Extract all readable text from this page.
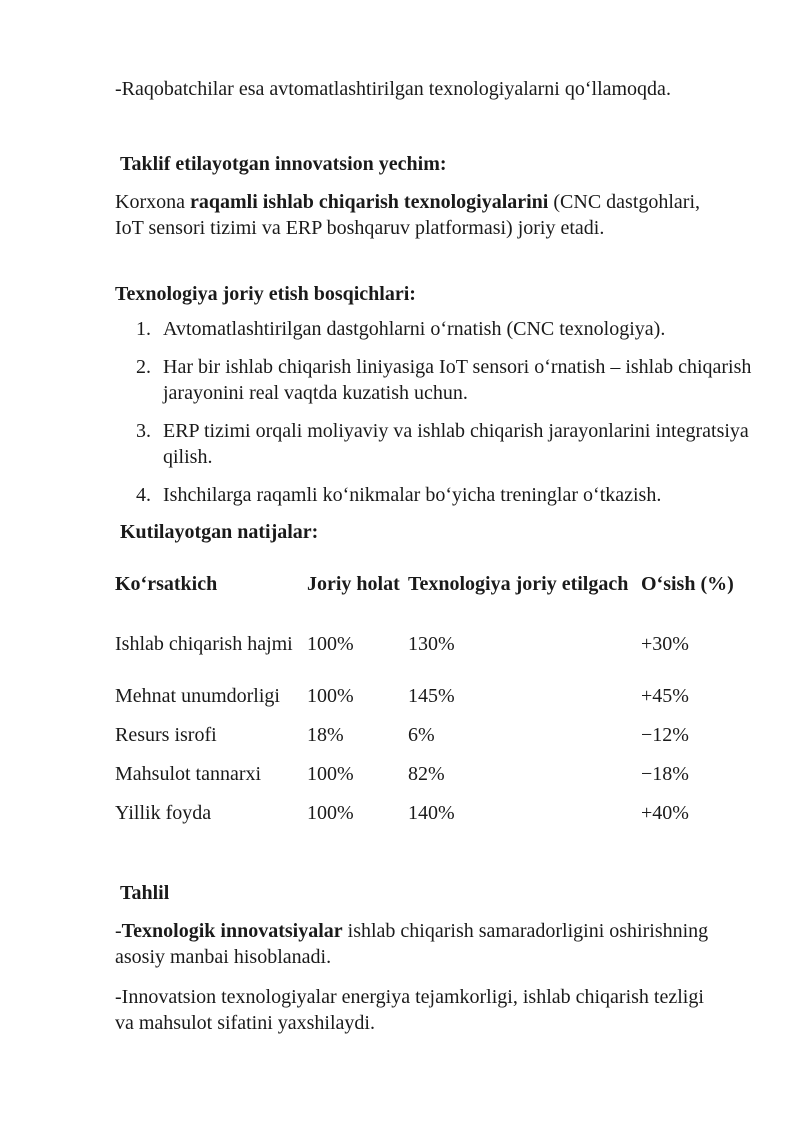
-Raqobatchilar esa avtomatlashtirilgan texnologiyalarni qo‘llamoqda.
Taklif etilayotgan innovatsion yechim:
Korxona raqamli ishlab chiqarish texnologiyalarini (CNC dastgohlari, IoT sensori tizimi va ERP boshqaruv platformasi) joriy etadi.
Texnologiya joriy etish bosqichlari:
1. Avtomatlashtirilgan dastgohlarni o‘rnatish (CNC texnologiya).
2. Har bir ishlab chiqarish liniyasiga IoT sensori o‘rnatish – ishlab chiqarish jarayonini real vaqtda kuzatish uchun.
3. ERP tizimi orqali moliyaviy va ishlab chiqarish jarayonlarini integratsiya qilish.
4. Ishchilarga raqamli ko‘nikmalar bo‘yicha treninglar o‘tkazish.
Kutilayotgan natijalar:
Ko‘rsatkich	Joriy holat	Texnologiya joriy etilgach	O‘sish (%)
Ishlab chiqarish hajmi	100%	130%	+30%
Mehnat unumdorligi	100%	145%	+45%
Resurs isrofi	18%	6%	−12%
Mahsulot tannarxi	100%	82%	−18%
Yillik foyda	100%	140%	+40%
Tahlil
-Texnologik innovatsiyalar ishlab chiqarish samaradorligini oshirishning asosiy manbai hisoblanadi.
-Innovatsion texnologiyalar energiya tejamkorligi, ishlab chiqarish tezligi va mahsulot sifatini yaxshilaydi.
